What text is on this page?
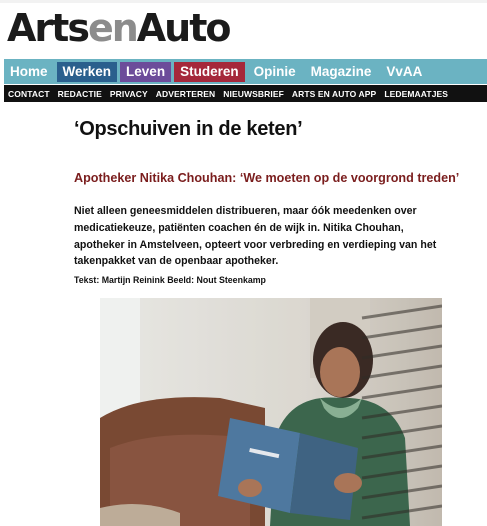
Arts en Auto
Home	Werken	Leven	Studeren	Opinie	Magazine	VvAA
CONTACT REDACTIE PRIVACY ADVERTEREN NIEUWSBRIEF ARTS EN AUTO APP LEDEMAATJES
‘Opschuiven in de keten’
Apotheker Nitika Chouhan: ‘We moeten op de voorgrond treden’

Niet alleen geneesmiddelen distribueren, maar óók meedenken over medicatiekeuze, patiënten coachen én de wijk in. Nitika Chouhan, apotheker in Amstelveen, opteert voor verbreding en verdieping van het takenpakket van de openbaar apotheker.

Tekst: Martijn Reinink Beeld: Nout Steenkamp
